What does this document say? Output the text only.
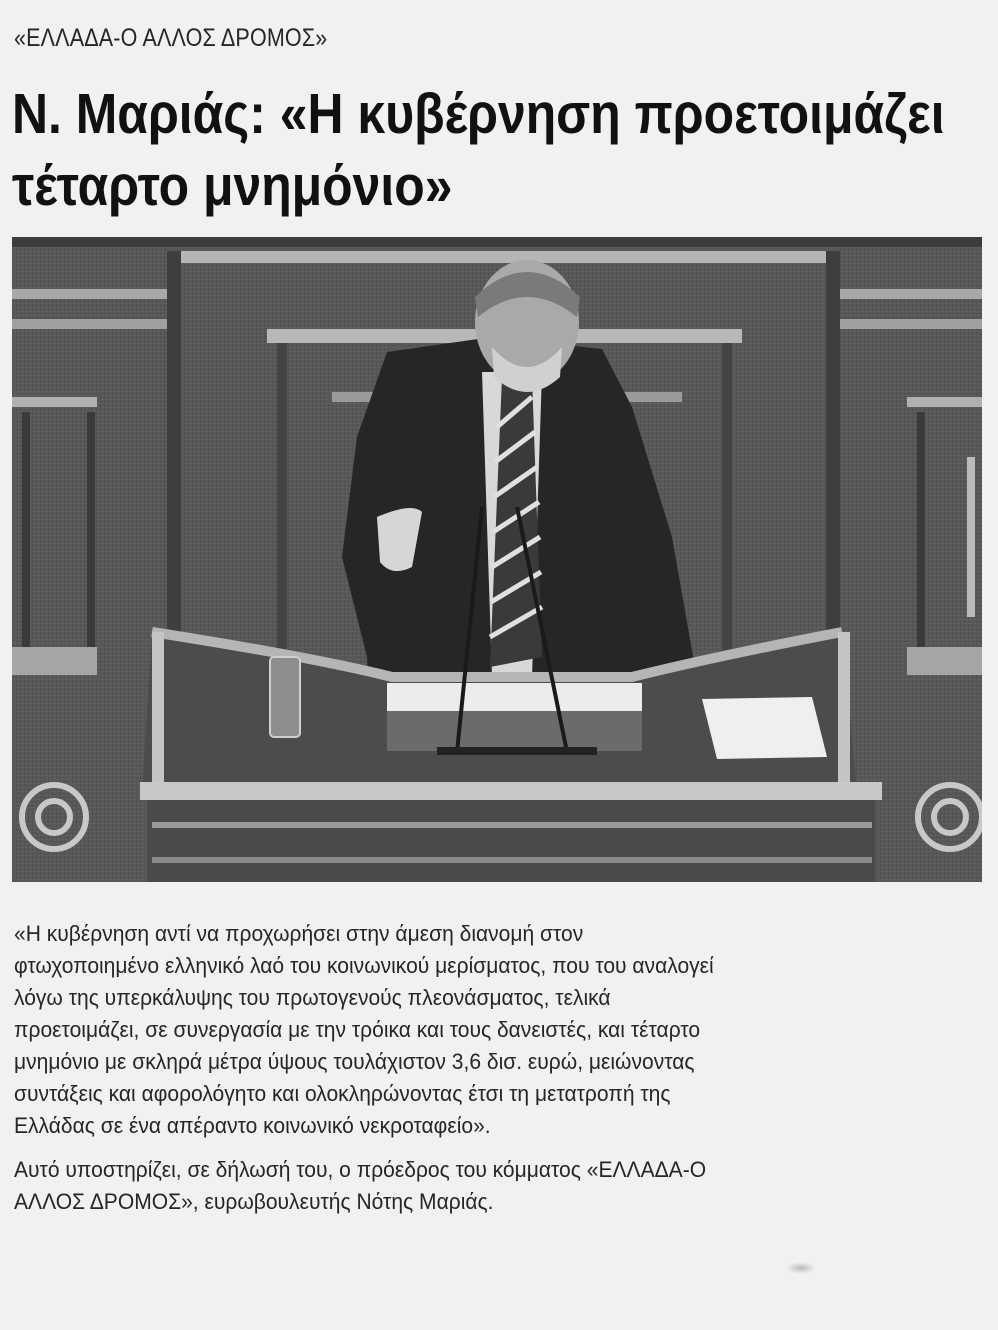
«ΕΛΛΑΔΑ-Ο ΑΛΛΟΣ ΔΡΟΜΟΣ»
Ν. Μαριάς: «Η κυβέρνηση προετοιμάζει
τέταρτο μνημόνιο»

«Η κυβέρνηση αντί να προχωρήσει στην άμεση διανομή στον
φτωχοποιημένο ελληνικό λαό του κοινωνικού μερίσματος, που του αναλογεί
λόγω της υπερκάλυψης του πρωτογενούς πλεονάσματος, τελικά
προετοιμάζει, σε συνεργασία με την τρόικα και τους δανειστές, και τέταρτο
μνημόνιο με σκληρά μέτρα ύψους τουλάχιστον 3,6 δισ. ευρώ, μειώνοντας
συντάξεις και αφορολόγητο και ολοκληρώνοντας έτσι τη μετατροπή της
Ελλάδας σε ένα απέραντο κοινωνικό νεκροταφείο».

Αυτό υποστηρίζει, σε δήλωσή του, ο πρόεδρος του κόμματος «ΕΛΛΑΔΑ-Ο
ΑΛΛΟΣ ΔΡΟΜΟΣ», ευρωβουλευτής Νότης Μαριάς.
